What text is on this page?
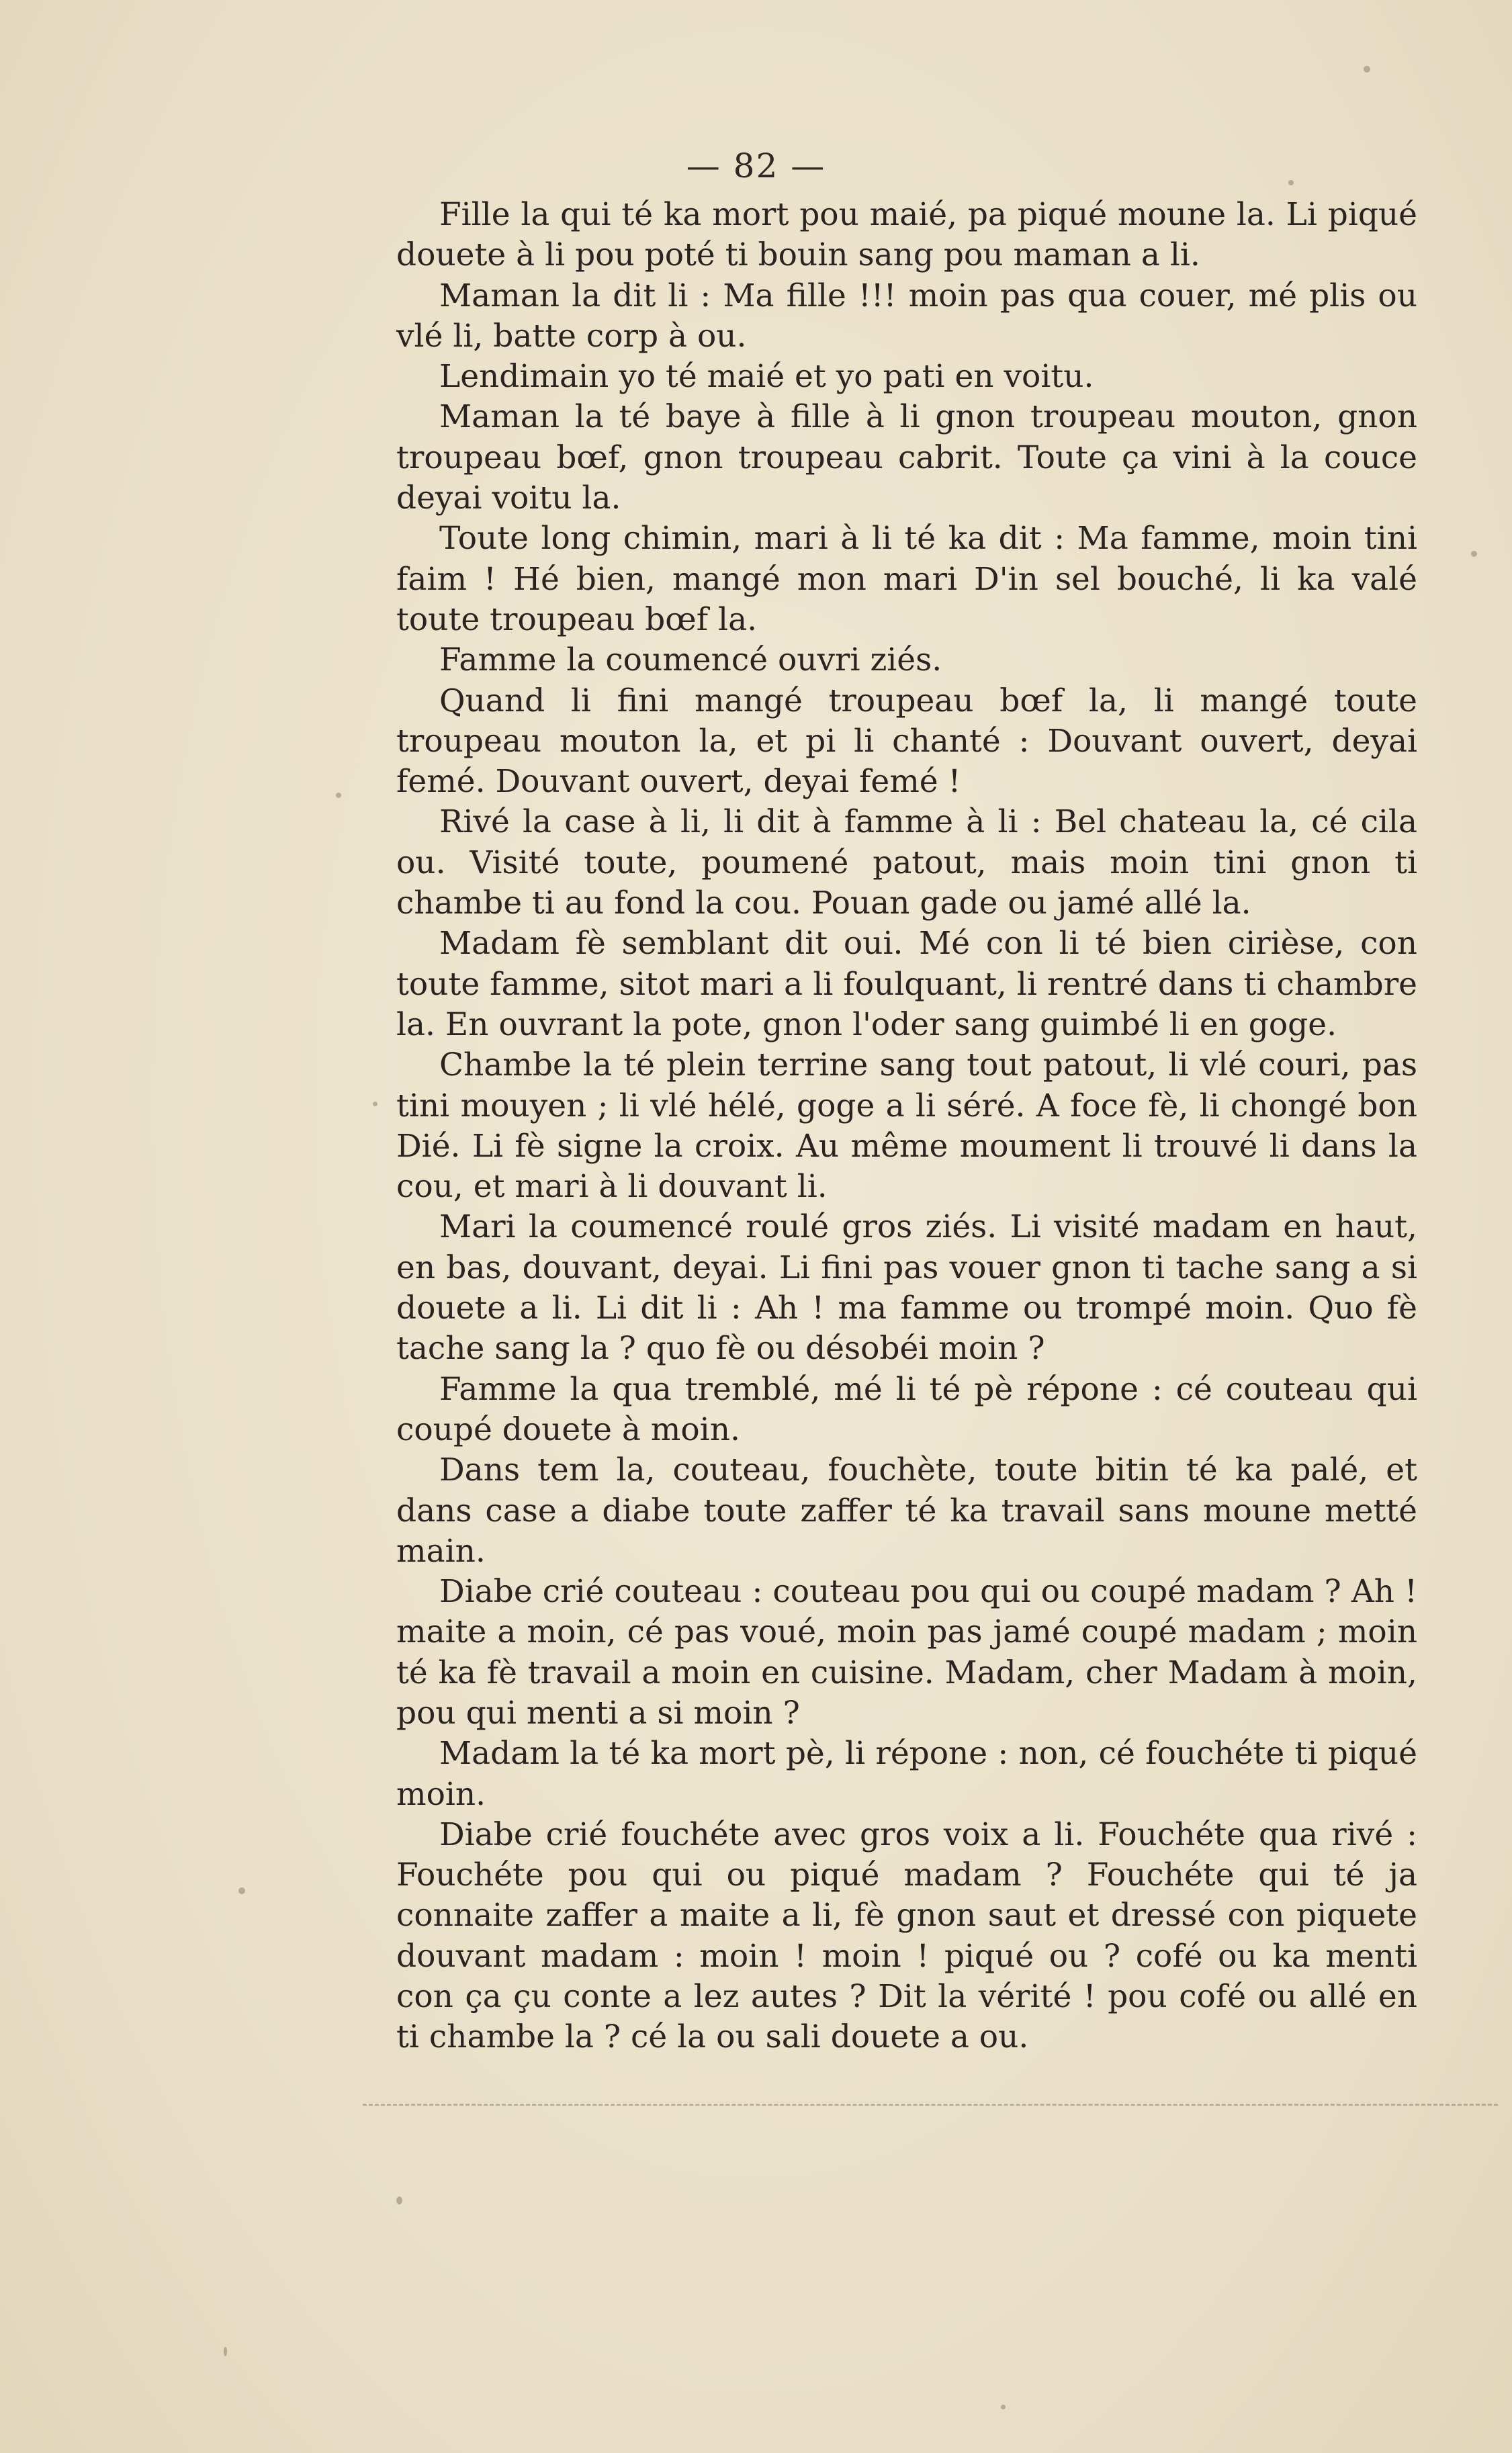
— 82 —

Fille la qui té ka mort pou maié, pa piqué moune la. Li piqué douete à li pou poté ti bouin sang pou maman a li.

Maman la dit li : Ma fille !!! moin pas qua couer, mé plis ou vlé li, batte corp à ou.

Lendimain yo té maié et yo pati en voitu.

Maman la té baye à fille à li gnon troupeau mouton, gnon troupeau bœf, gnon troupeau cabrit. Toute ça vini à la couce deyai voitu la.

Toute long chimin, mari à li té ka dit : Ma famme, moin tini faim ! Hé bien, mangé mon mari D'in sel bouché, li ka valé toute troupeau bœf la.

Famme la coumencé ouvri ziés.

Quand li fini mangé troupeau bœf la, li mangé toute troupeau mouton la, et pi li chanté : Douvant ouvert, deyai femé. Douvant ouvert, deyai femé !

Rivé la case à li, li dit à famme à li : Bel chateau la, cé cila ou. Visité toute, poumené patout, mais moin tini gnon ti chambe ti au fond la cou. Pouan gade ou jamé allé la.

Madam fè semblant dit oui. Mé con li té bien cirièse, con toute famme, sitot mari a li foulquant, li rentré dans ti chambre la. En ouvrant la pote, gnon l'oder sang guimbé li en goge.

Chambe la té plein terrine sang tout patout, li vlé couri, pas tini mouyen ; li vlé hélé, goge a li séré. A foce fè, li chongé bon Dié. Li fè signe la croix. Au même moument li trouvé li dans la cou, et mari à li douvant li.

Mari la coumencé roulé gros ziés. Li visité madam en haut, en bas, douvant, deyai. Li fini pas vouer gnon ti tache sang a si douete a li. Li dit li : Ah ! ma famme ou trompé moin. Quo fè tache sang la ? quo fè ou désobéi moin ?

Famme la qua tremblé, mé li té pè répone : cé couteau qui coupé douete à moin.

Dans tem la, couteau, fouchète, toute bitin té ka palé, et dans case a diabe toute zaffer té ka travail sans moune metté main.

Diabe crié couteau : couteau pou qui ou coupé madam ? Ah ! maite a moin, cé pas voué, moin pas jamé coupé madam ; moin té ka fè travail a moin en cuisine. Madam, cher Madam à moin, pou qui menti a si moin ?

Madam la té ka mort pè, li répone : non, cé fouchéte ti piqué moin.

Diabe crié fouchéte avec gros voix a li. Fouchéte qua rivé : Fouchéte pou qui ou piqué madam ? Fouchéte qui té ja connaite zaffer a maite a li, fè gnon saut et dressé con piquete douvant madam : moin ! moin ! piqué ou ? cofé ou ka menti con ça çu conte a lez autes ? Dit la vérité ! pou cofé ou allé en ti chambe la ? cé la ou sali douete a ou.
